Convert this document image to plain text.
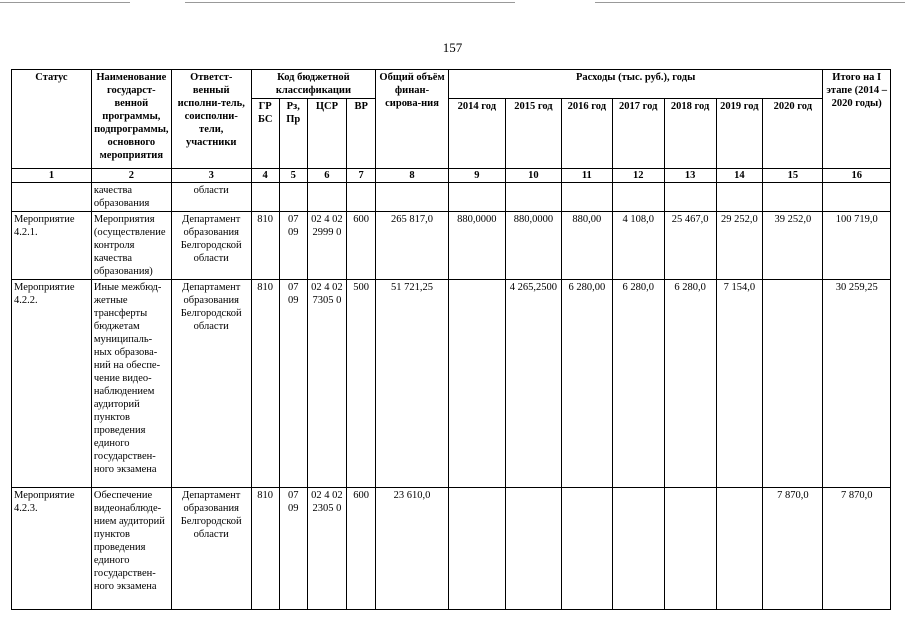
157
Статус	Наименование государст-венной программы, подпрограммы, основного мероприятия	Ответст-венный исполни-тель, соисполни-тели, участники	Код бюджетной классификации				Общий объём финан-сирова-ния	Расходы (тыс. руб.), годы							Итого на I этапе (2014 – 2020 годы)
			ГР БС	Рз, Пр	ЦСР	ВР		2014 год	2015 год	2016 год	2017 год	2018 год	2019 год	2020 год	
1	2	3	4	5	6	7	8	9	10	11	12	13	14	15	16
	качества образования	области													
Мероприятие 4.2.1.	Мероприятия (осуществление контроля качества образования)	Департамент образования Белгородской области	810	07 09	02 4 02 2999 0	600	265 817,0	880,0000	880,0000	880,00	4 108,0	25 467,0	29 252,0	39 252,0	100 719,0
Мероприятие 4.2.2.	Иные межбюд-жетные трансферты бюджетам муниципаль-ных образова-ний на обеспе-чение видео-наблюдением аудиторий пунктов проведения единого государствен-ного экзамена	Департамент образования Белгородской области	810	07 09	02 4 02 7305 0	500	51 721,25		4 265,2500	6 280,00	6 280,0	6 280,0	7 154,0		30 259,25
Мероприятие 4.2.3.	Обеспечение видеонаблюде-нием аудиторий пунктов проведения единого государствен-ного экзамена	Департамент образования Белгородской области	810	07 09	02 4 02 2305 0	600	23 610,0							7 870,0	7 870,0
